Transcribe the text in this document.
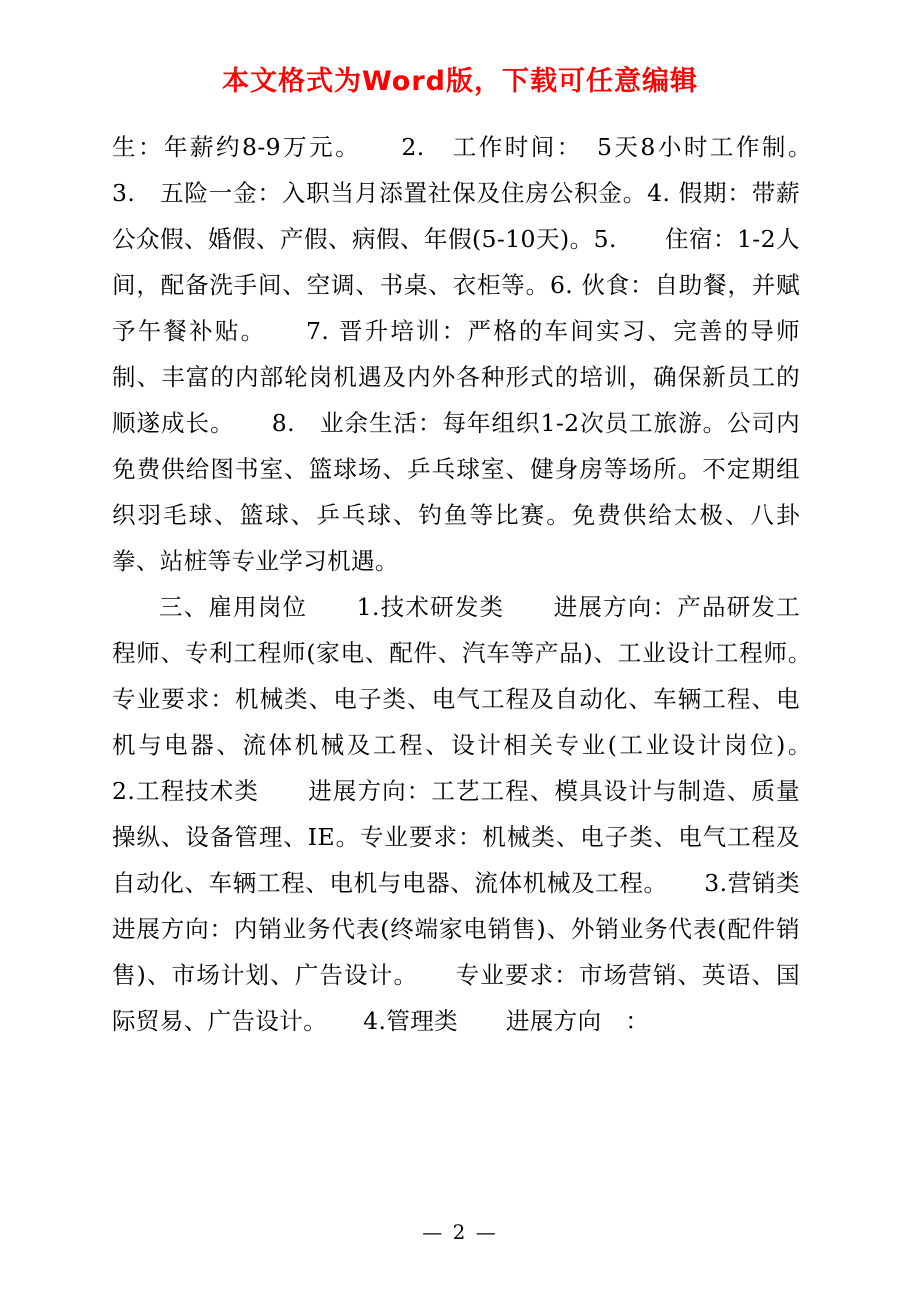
本文格式为Word版，下载可任意编辑

生：年薪约8-9万元。　　2.　工作时间：　5天8小时工作制。　　3.　五险一金：入职当月添置社保及住房公积金。4. 假期：带薪公众假、婚假、产假、病假、年假(5-10天)。5.　　住宿：1-2人间，配备洗手间、空调、书桌、衣柜等。6. 伙食：自助餐，并赋予午餐补贴。　　7. 晋升培训：严格的车间实习、完善的导师制、丰富的内部轮岗机遇及内外各种形式的培训，确保新员工的顺遂成长。　　8.　业余生活：每年组织1-2次员工旅游。公司内免费供给图书室、篮球场、乒乓球室、健身房等场所。不定期组织羽毛球、篮球、乒乓球、钓鱼等比赛。免费供给太极、八卦拳、站桩等专业学习机遇。

三、雇用岗位　　1.技术研发类　　进展方向：产品研发工程师、专利工程师(家电、配件、汽车等产品)、工业设计工程师。　　专业要求：机械类、电子类、电气工程及自动化、车辆工程、电机与电器、流体机械及工程、设计相关专业(工业设计岗位)。　　2.工程技术类　　进展方向：工艺工程、模具设计与制造、质量操纵、设备管理、IE。专业要求：机械类、电子类、电气工程及自动化、车辆工程、电机与电器、流体机械及工程。　　3.营销类　　进展方向：内销业务代表(终端家电销售)、外销业务代表(配件销售)、市场计划、广告设计。　　专业要求：市场营销、英语、国际贸易、广告设计。　　4.管理类　　进展方向　：

— 2 —
